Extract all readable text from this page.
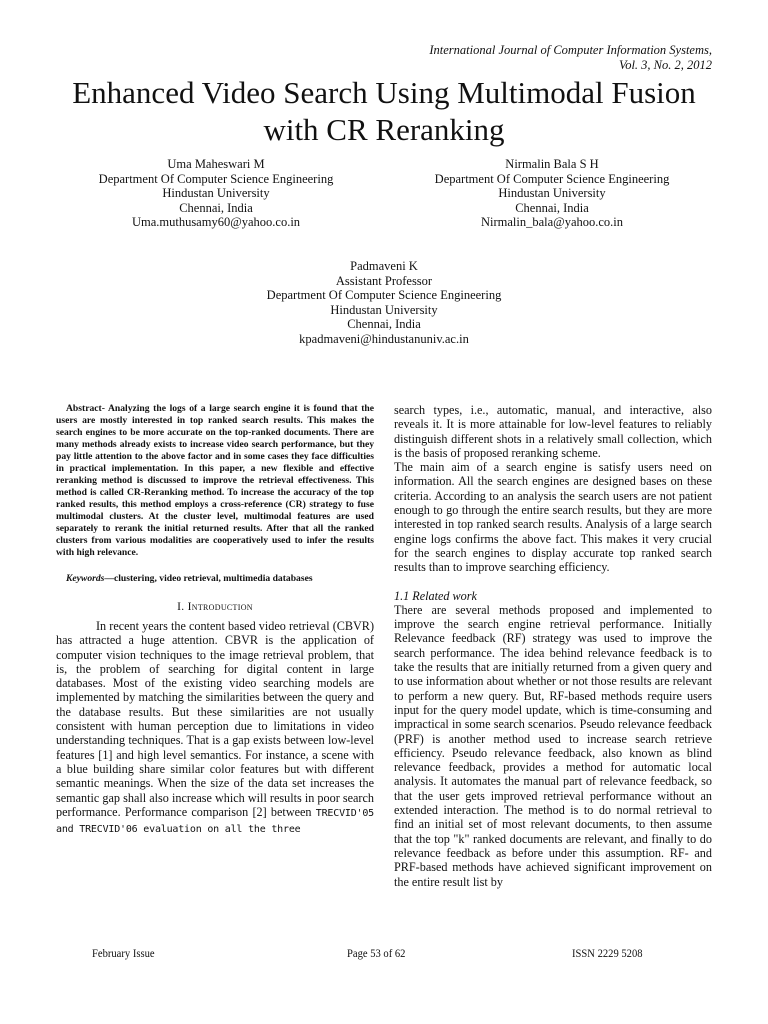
International Journal of Computer Information Systems,
Vol. 3, No. 2, 2012
Enhanced Video Search Using Multimodal Fusion
with CR Reranking
Uma Maheswari M
Department Of Computer Science Engineering
Hindustan University
Chennai, India
Uma.muthusamy60@yahoo.co.in
Nirmalin Bala S H
Department Of Computer Science Engineering
Hindustan University
Chennai, India
Nirmalin_bala@yahoo.co.in
Padmaveni K
Assistant Professor
Department Of Computer Science Engineering
Hindustan University
Chennai, India
kpadmaveni@hindustanuniv.ac.in

Abstract- Analyzing the logs of a large search engine it is found that the users are mostly interested in top ranked search results. This makes the search engines to be more accurate on the top-ranked documents. There are many methods already exists to increase video search performance, but they pay little attention to the above factor and in some cases they face difficulties in practical implementation. In this paper, a new flexible and effective reranking method is discussed to improve the retrieval effectiveness. This method is called CR-Reranking method. To increase the accuracy of the top ranked results, this method employs a cross-reference (CR) strategy to fuse multimodal clusters. At the cluster level, multimodal features are used separately to rerank the initial returned results. After that all the ranked clusters from various modalities are cooperatively used to infer the results with high relevance.

Keywords—clustering, video retrieval, multimedia databases

I. Introduction

In recent years the content based video retrieval (CBVR) has attracted a huge attention. CBVR is the application of computer vision techniques to the image retrieval problem, that is, the problem of searching for digital content in large databases. Most of the existing video searching models are implemented by matching the similarities between the query and the database results. But these similarities are not usually consistent with human perception due to limitations in video understanding techniques. That is a gap exists between low-level features [1] and high level semantics. For instance, a scene with a blue building share similar color features but with different semantic meanings. When the size of the data set increases the semantic gap shall also increase which will results in poor search performance. Performance comparison [2] between TRECVID'05 and TRECVID'06 evaluation on all the three

search types, i.e., automatic, manual, and interactive, also reveals it. It is more attainable for low-level features to reliably distinguish different shots in a relatively small collection, which is the basis of proposed reranking scheme.

The main aim of a search engine is satisfy users need on information. All the search engines are designed bases on these criteria. According to an analysis the search users are not patient enough to go through the entire search results, but they are more interested in top ranked search results. Analysis of a large search engine logs confirms the above fact. This makes it very crucial for the search engines to display accurate top ranked search results than to improve searching efficiency.

1.1 Related work

There are several methods proposed and implemented to improve the search engine retrieval performance. Initially Relevance feedback (RF) strategy was used to improve the search performance. The idea behind relevance feedback is to take the results that are initially returned from a given query and to use information about whether or not those results are relevant to perform a new query. But, RF-based methods require users input for the query model update, which is time-consuming and impractical in some search scenarios. Pseudo relevance feedback (PRF) is another method used to increase search retrieve efficiency. Pseudo relevance feedback, also known as blind relevance feedback, provides a method for automatic local analysis. It automates the manual part of relevance feedback, so that the user gets improved retrieval performance without an extended interaction. The method is to do normal retrieval to find an initial set of most relevant documents, to then assume that the top "k" ranked documents are relevant, and finally to do relevance feedback as before under this assumption. RF- and PRF-based methods have achieved significant improvement on the entire result list by

February Issue	Page 53 of 62	ISSN 2229 5208
